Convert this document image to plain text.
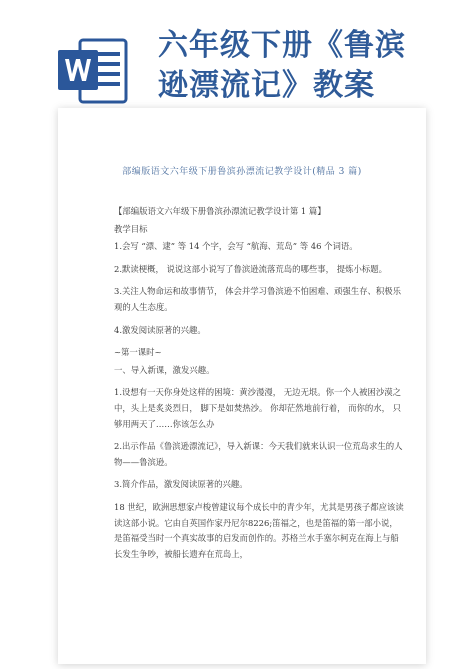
六年级下册《鲁滨
逊漂流记》教案
部编版语文六年级下册鲁滨孙漂流记教学设计(精品 3 篇)

【部编版语文六年级下册鲁滨孙漂流记教学设计第 1 篇】

教学目标

1.会写 “漂、逮” 等 14 个字，会写 “航海、荒岛” 等 46 个词语。

2.默读梗概， 说说这部小说写了鲁滨逊流落荒岛的哪些事， 提炼小标题。

3.关注人物命运和故事情节， 体会并学习鲁滨逊不怕困难、顽强生存、积极乐观的人生态度。

4.激发阅读原著的兴趣。

~第一课时~

一、导入新课，激发兴趣。

1.设想有一天你身处这样的困境：黄沙漫漫， 无边无垠。你一个人被困沙漠之中，头上是炙炎烈日， 脚下是如焚热沙。 你却茫然地前行着， 而你的水， 只够用两天了……你该怎么办

2.出示作品《鲁滨逊漂流记》，导入新课：今天我们就来认识一位荒岛求生的人物——鲁滨逊。

3.简介作品，激发阅读原著的兴趣。

18 世纪，欧洲思想家卢梭曾建议每个成长中的青少年，尤其是男孩子都应该读读这部小说。它由自英国作家丹尼尔8226;笛福之，也是笛福的第一部小说，是笛福受当时一个真实故事的启发而创作的。苏格兰水手塞尔柯克在海上与船长发生争吵，被船长遗弃在荒岛上，
